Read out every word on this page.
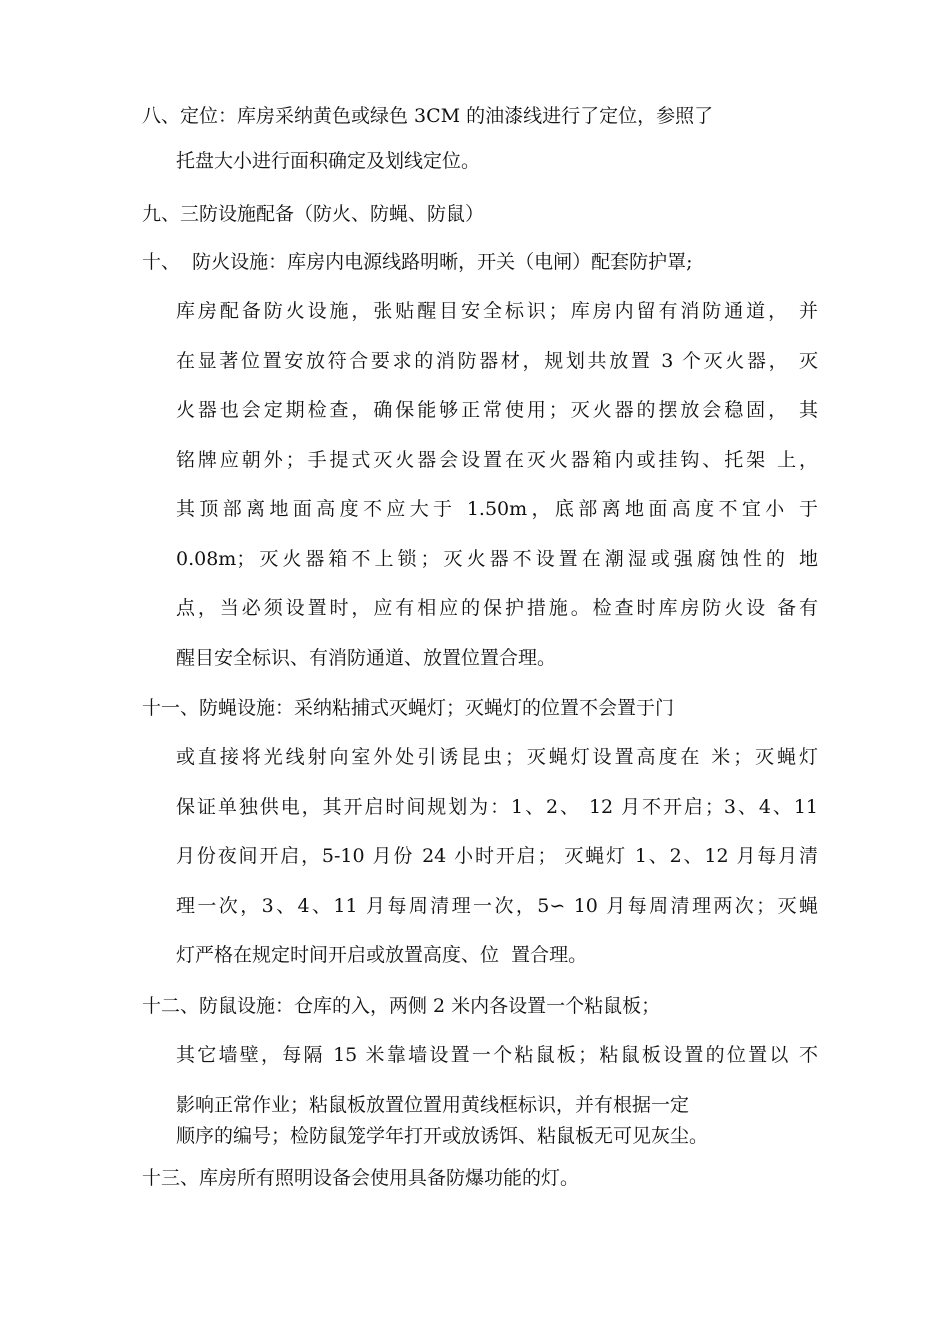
八、定位：库房采纳黄色或绿色 3CM 的油漆线进行了定位，参照了
托盘大小进行面积确定及划线定位。
九、三防设施配备（防火、防蝇、防鼠）
十、  防火设施：库房内电源线路明晰，开关（电闸）配套防护罩;
库房配备防火设施，张贴醒目安全标识；库房内留有消防通道， 并
在显著位置安放符合要求的消防器材，规划共放置 3 个灭火器， 灭
火器也会定期检查，确保能够正常使用；灭火器的摆放会稳固， 其
铭牌应朝外；手提式灭火器会设置在灭火器箱内或挂钩、托架 上，
其顶部离地面高度不应大于 1.50m，底部离地面高度不宜小 于
0.08m；灭火器箱不上锁；灭火器不设置在潮湿或强腐蚀性的 地
点，当必须设置时，应有相应的保护措施。检查时库房防火设 备有
醒目安全标识、有消防通道、放置位置合理。
十一、防蝇设施：采纳粘捕式灭蝇灯；灭蝇灯的位置不会置于门
或直接将光线射向室外处引诱昆虫；灭蝇灯设置高度在 米；灭蝇灯
保证单独供电，其开启时间规划为：1、2、 12 月不开启；3、4、11
月份夜间开启，5-10 月份 24 小时开启； 灭蝇灯 1、2、12 月每月清
理一次，3、4、11 月每周清理一次，5∽ 10 月每周清理两次；灭蝇
灯严格在规定时间开启或放置高度、位  置合理。
十二、防鼠设施：仓库的入，两侧 2 米内各设置一个粘鼠板；
其它墙壁，每隔 15 米靠墙设置一个粘鼠板；粘鼠板设置的位置以 不
影响正常作业；粘鼠板放置位置用黄线框标识，并有根据一定
顺序的编号；检防鼠笼学年打开或放诱饵、粘鼠板无可见灰尘。
十三、库房所有照明设备会使用具备防爆功能的灯。
